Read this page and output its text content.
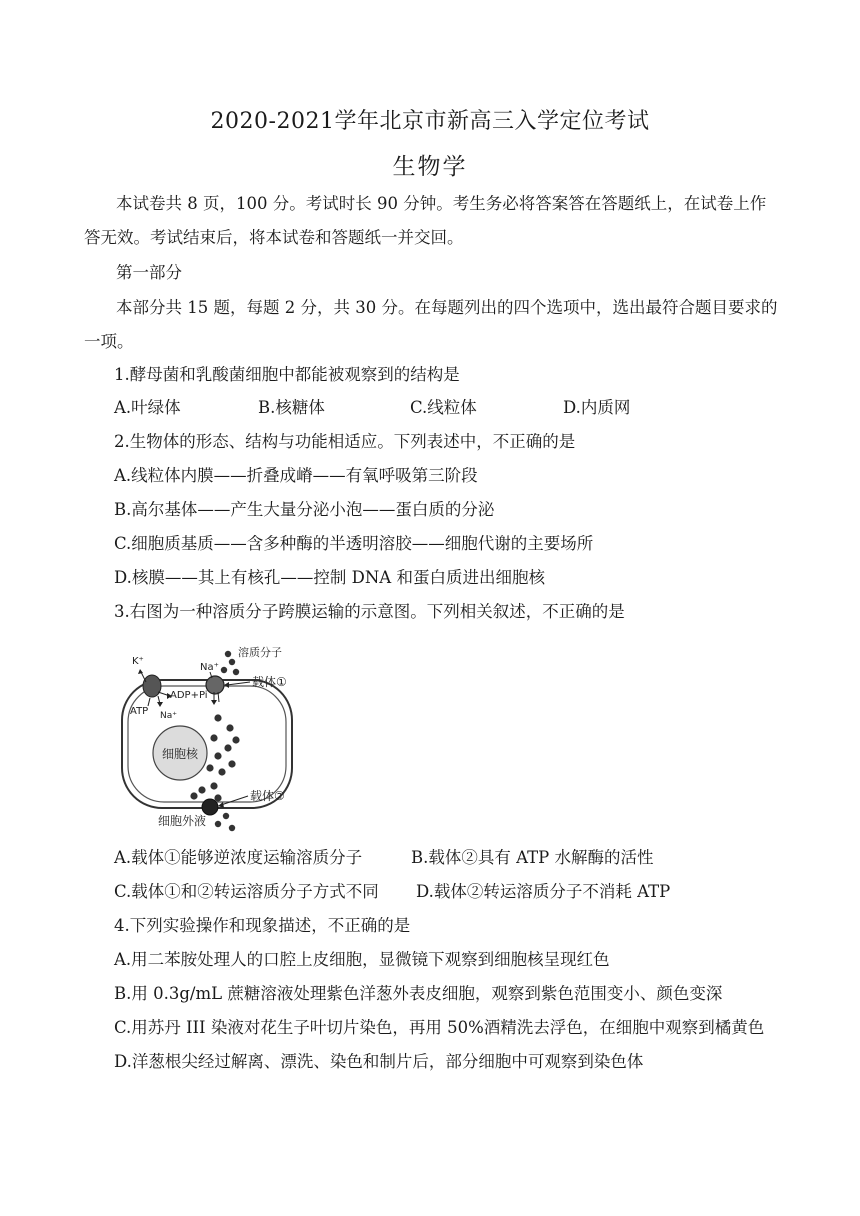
2020-2021学年北京市新高三入学定位考试
生物学
本试卷共 8 页，100 分。考试时长 90 分钟。考生务必将答案答在答题纸上，在试卷上作
答无效。考试结束后，将本试卷和答题纸一并交回。
第一部分
本部分共 15 题，每题 2 分，共 30 分。在每题列出的四个选项中，选出最符合题目要求的
一项。
1.酵母菌和乳酸菌细胞中都能被观察到的结构是
A.叶绿体	B.核糖体	C.线粒体	D.内质网
2.生物体的形态、结构与功能相适应。下列表述中，不正确的是
A.线粒体内膜——折叠成嵴——有氧呼吸第三阶段
B.高尔基体——产生大量分泌小泡——蛋白质的分泌
C.细胞质基质——含多种酶的半透明溶胶——细胞代谢的主要场所
D.核膜——其上有核孔——控制 DNA 和蛋白质进出细胞核
3.右图为一种溶质分子跨膜运输的示意图。下列相关叙述，不正确的是
细胞核
K⁺
Na⁺
ATP
ADP+Pi
Na⁺
载体①
溶质分子
载体②
细胞外液
A.载体①能够逆浓度运输溶质分子	B.载体②具有 ATP 水解酶的活性
C.载体①和②转运溶质分子方式不同 D.载体②转运溶质分子不消耗 ATP
4.下列实验操作和现象描述，不正确的是
A.用二苯胺处理人的口腔上皮细胞，显微镜下观察到细胞核呈现红色
B.用 0.3g/mL 蔗糖溶液处理紫色洋葱外表皮细胞，观察到紫色范围变小、颜色变深
C.用苏丹 III 染液对花生子叶切片染色，再用 50%酒精洗去浮色，在细胞中观察到橘黄色
D.洋葱根尖经过解离、漂洗、染色和制片后，部分细胞中可观察到染色体
